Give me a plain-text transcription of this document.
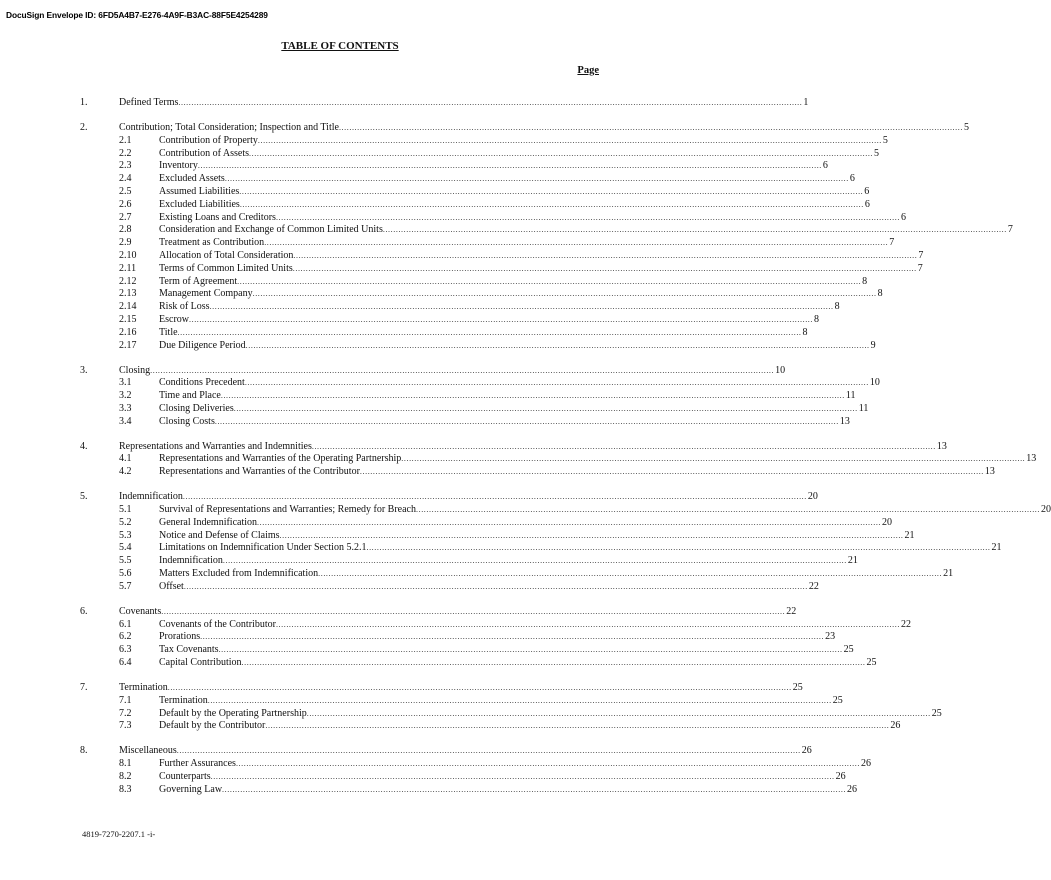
DocuSign Envelope ID: 6FD5A4B7-E276-4A9F-B3AC-88F5E4254289
TABLE OF CONTENTS
Page
1.	Defined Terms ................................................................................................................................................................................................................................................ 1
2.	Contribution; Total Consideration; Inspection and Title ................................................................................................................................................................................................................................................ 5
2.1	Contribution of Property ................................................................................................................................................................................................................................................ 5
2.2	Contribution of Assets ................................................................................................................................................................................................................................................ 5
2.3	Inventory ................................................................................................................................................................................................................................................ 6
2.4	Excluded Assets ................................................................................................................................................................................................................................................ 6
2.5	Assumed Liabilities ................................................................................................................................................................................................................................................ 6
2.6	Excluded Liabilities ................................................................................................................................................................................................................................................ 6
2.7	Existing Loans and Creditors ................................................................................................................................................................................................................................................ 6
2.8	Consideration and Exchange of Common Limited Units ................................................................................................................................................................................................................................................ 7
2.9	Treatment as Contribution ................................................................................................................................................................................................................................................ 7
2.10 Allocation of Total Consideration ................................................................................................................................................................................................................................................ 7
2.11 Terms of Common Limited Units ................................................................................................................................................................................................................................................ 7
2.12 Term of Agreement ................................................................................................................................................................................................................................................ 8
2.13 Management Company ................................................................................................................................................................................................................................................ 8
2.14 Risk of Loss ................................................................................................................................................................................................................................................ 8
2.15 Escrow ................................................................................................................................................................................................................................................ 8
2.16 Title ................................................................................................................................................................................................................................................ 8
2.17 Due Diligence Period ................................................................................................................................................................................................................................................ 9
3.	Closing ................................................................................................................................................................................................................................................ 10
3.1	Conditions Precedent ................................................................................................................................................................................................................................................ 10
3.2	Time and Place ................................................................................................................................................................................................................................................ 11
3.3	Closing Deliveries ................................................................................................................................................................................................................................................ 11
3.4	Closing Costs ................................................................................................................................................................................................................................................ 13
4.	Representations and Warranties and Indemnities ................................................................................................................................................................................................................................................ 13
4.1	Representations and Warranties of the Operating Partnership ................................................................................................................................................................................................................................................ 13
4.2	Representations and Warranties of the Contributor ................................................................................................................................................................................................................................................ 13
5.	Indemnification ................................................................................................................................................................................................................................................ 20
5.1	Survival of Representations and Warranties; Remedy for Breach ................................................................................................................................................................................................................................................ 20
5.2	General Indemnification ................................................................................................................................................................................................................................................ 20
5.3	Notice and Defense of Claims ................................................................................................................................................................................................................................................ 21
5.4	Limitations on Indemnification Under Section 5.2.1 ................................................................................................................................................................................................................................................ 21
5.5	Indemnification ................................................................................................................................................................................................................................................ 21
5.6	Matters Excluded from Indemnification ................................................................................................................................................................................................................................................ 21
5.7	Offset ................................................................................................................................................................................................................................................ 22
6.	Covenants ................................................................................................................................................................................................................................................ 22
6.1	Covenants of the Contributor ................................................................................................................................................................................................................................................ 22
6.2	Prorations ................................................................................................................................................................................................................................................ 23
6.3	Tax Covenants ................................................................................................................................................................................................................................................ 25
6.4	Capital Contribution ................................................................................................................................................................................................................................................ 25
7.	Termination ................................................................................................................................................................................................................................................ 25
7.1	Termination ................................................................................................................................................................................................................................................ 25
7.2	Default by the Operating Partnership ................................................................................................................................................................................................................................................ 25
7.3	Default by the Contributor ................................................................................................................................................................................................................................................ 26
8.	Miscellaneous ................................................................................................................................................................................................................................................ 26
8.1	Further Assurances ................................................................................................................................................................................................................................................ 26
8.2	Counterparts ................................................................................................................................................................................................................................................ 26
8.3	Governing Law ................................................................................................................................................................................................................................................ 26
4819-7270-2207.1 -i-
